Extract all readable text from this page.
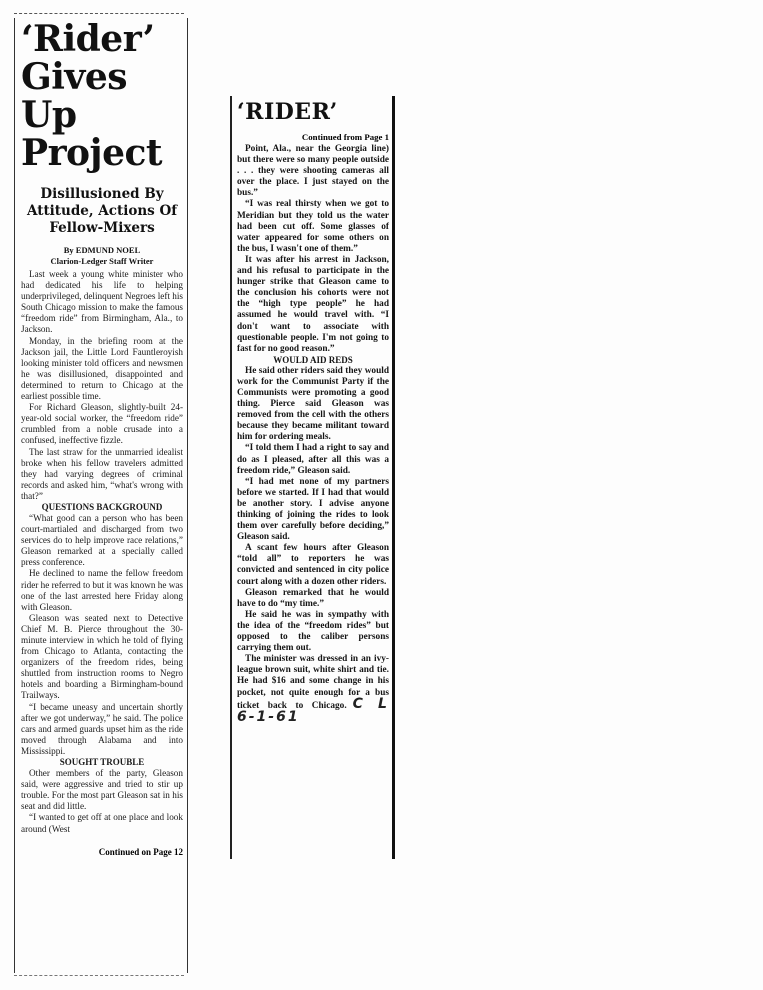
‘Rider’ Gives Up Project
Disillusioned By Attitude, Actions Of Fellow-Mixers
By EDMUND NOEL
Clarion-Ledger Staff Writer

Last week a young white minister who had dedicated his life to helping underprivileged, delinquent Negroes left his South Chicago mission to make the famous “freedom ride” from Birmingham, Ala., to Jackson.

Monday, in the briefing room at the Jackson jail, the Little Lord Fauntleroyish looking minister told officers and newsmen he was disillusioned, disappointed and determined to return to Chicago at the earliest possible time.

For Richard Gleason, slightly-built 24-year-old social worker, the “freedom ride” crumbled from a noble crusade into a confused, ineffective fizzle.

The last straw for the unmarried idealist broke when his fellow travelers admitted they had varying degrees of criminal records and asked him, “what's wrong with that?”

QUESTIONS BACKGROUND

“What good can a person who has been court-martialed and discharged from two services do to help improve race relations,” Gleason remarked at a specially called press conference.

He declined to name the fellow freedom rider he referred to but it was known he was one of the last arrested here Friday along with Gleason.

Gleason was seated next to Detective Chief M. B. Pierce throughout the 30-minute interview in which he told of flying from Chicago to Atlanta, contacting the organizers of the freedom rides, being shuttled from instruction rooms to Negro hotels and boarding a Birmingham-bound Trailways.

“I became uneasy and uncertain shortly after we got underway,” he said. The police cars and armed guards upset him as the ride moved through Alabama and into Mississippi.

SOUGHT TROUBLE

Other members of the party, Gleason said, were aggressive and tried to stir up trouble. For the most part Gleason sat in his seat and did little.

“I wanted to get off at one place and look around (West

Continued on Page 12
‘RIDER’
Continued from Page 1

Point, Ala., near the Georgia line) but there were so many people outside . . . they were shooting cameras all over the place. I just stayed on the bus.”

“I was real thirsty when we got to Meridian but they told us the water had been cut off. Some glasses of water appeared for some others on the bus, I wasn't one of them.”

It was after his arrest in Jackson, and his refusal to participate in the hunger strike that Gleason came to the conclusion his cohorts were not the “high type people” he had assumed he would travel with. “I don't want to associate with questionable people. I'm not going to fast for no good reason.”

WOULD AID REDS

He said other riders said they would work for the Communist Party if the Communists were promoting a good thing. Pierce said Gleason was removed from the cell with the others because they became militant toward him for ordering meals.

“I told them I had a right to say and do as I pleased, after all this was a freedom ride,” Gleason said.

“I had met none of my partners before we started. If I had that would be another story. I advise anyone thinking of joining the rides to look them over carefully before deciding,” Gleason said.

A scant few hours after Gleason “told all” to reporters he was convicted and sentenced in city police court along with a dozen other riders.

Gleason remarked that he would have to do “my time.”

He said he was in sympathy with the idea of the “freedom rides” but opposed to the caliber persons carrying them out.

The minister was dressed in an ivy-league brown suit, white shirt and tie. He had $16 and some change in his pocket, not quite enough for a bus ticket back to Chicago. C L 6-1-61
